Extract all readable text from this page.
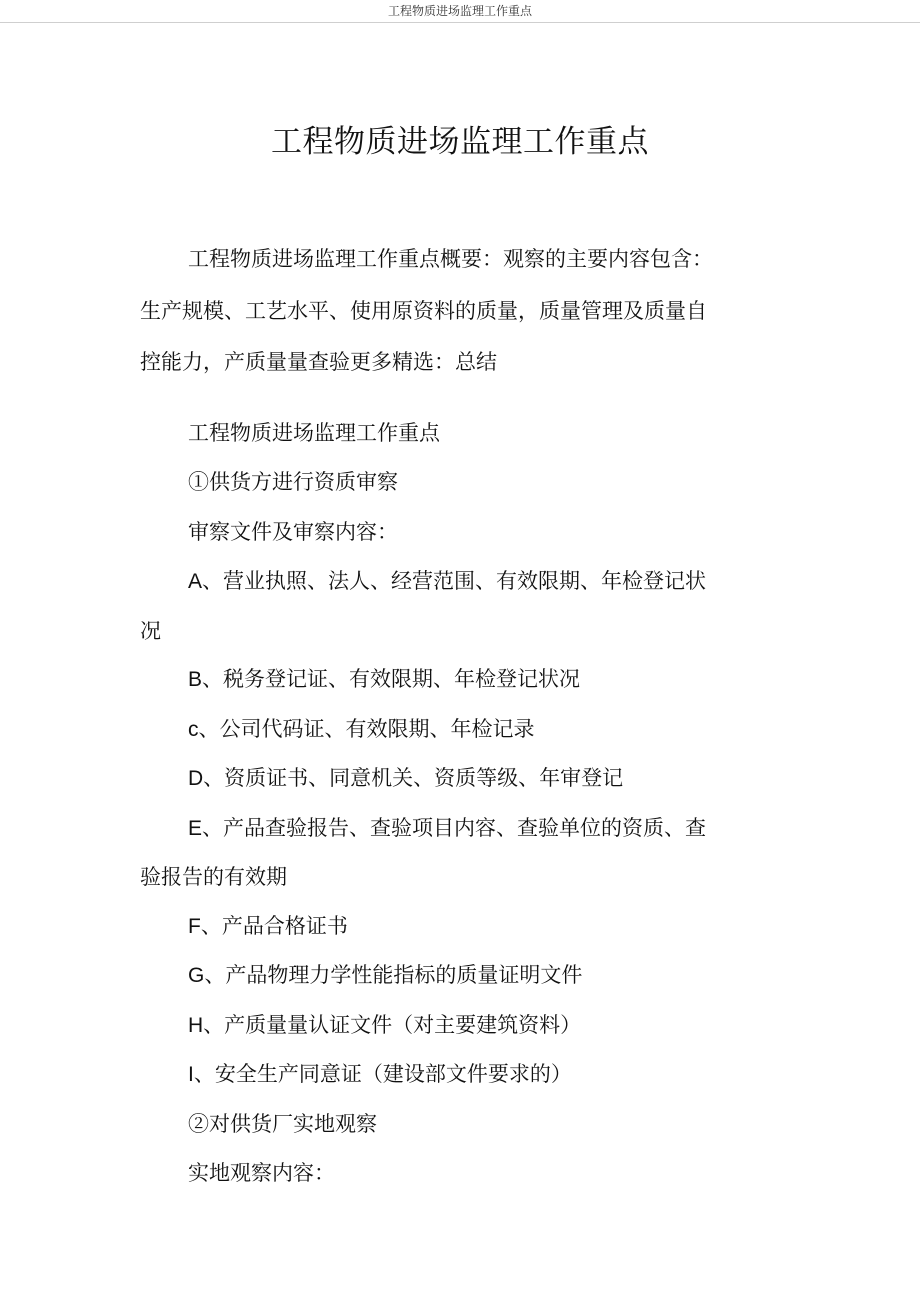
工程物质进场监理工作重点
工程物质进场监理工作重点

工程物质进场监理工作重点概要：观察的主要内容包含：生产规模、工艺水平、使用原资料的质量，质量管理及质量自控能力，产质量量查验更多精选：总结

工程物质进场监理工作重点

①供货方进行资质审察

审察文件及审察内容：

A、营业执照、法人、经营范围、有效限期、年检登记状况

B、税务登记证、有效限期、年检登记状况

c、公司代码证、有效限期、年检记录

D、资质证书、同意机关、资质等级、年审登记

E、产品查验报告、查验项目内容、查验单位的资质、查验报告的有效期

F、产品合格证书

G、产品物理力学性能指标的质量证明文件

H、产质量量认证文件（对主要建筑资料）

I、安全生产同意证（建设部文件要求的）

②对供货厂实地观察

实地观察内容：
